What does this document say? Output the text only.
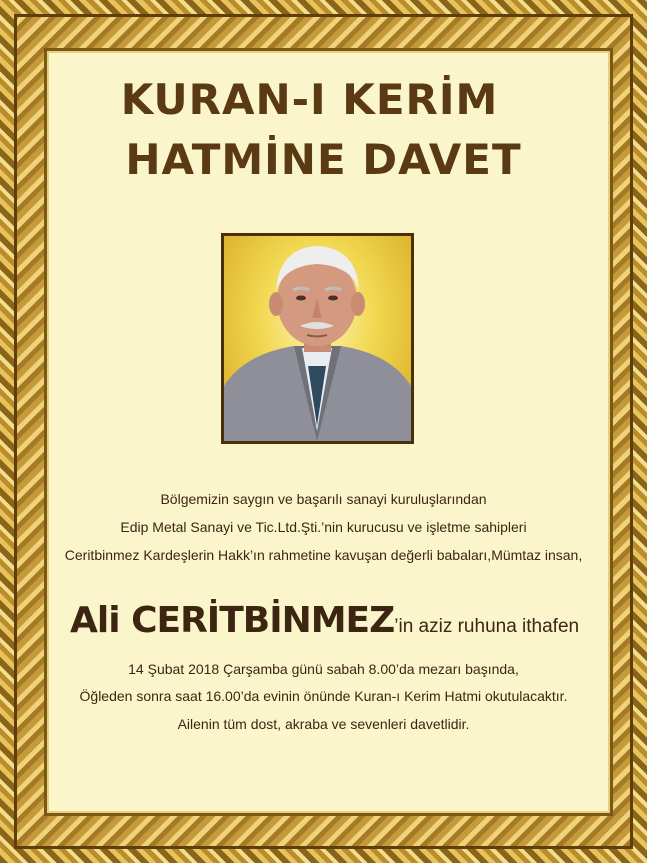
KURAN-I KERİM
HATMİNE DAVET
Bölgemizin saygın ve başarılı sanayi kuruluşlarından
Edip Metal Sanayi ve Tic.Ltd.Şti.’nin kurucusu ve işletme sahipleri
Ceritbinmez Kardeşlerin Hakk’ın rahmetine kavuşan değerli babaları,Mümtaz insan,
Ali CERİTBİNMEZ’in aziz ruhuna ithafen
14 Şubat 2018 Çarşamba günü sabah 8.00’da mezarı başında,
Öğleden sonra saat 16.00’da evinin önünde Kuran-ı Kerim Hatmi okutulacaktır.
Ailenin tüm dost, akraba ve sevenleri davetlidir.
